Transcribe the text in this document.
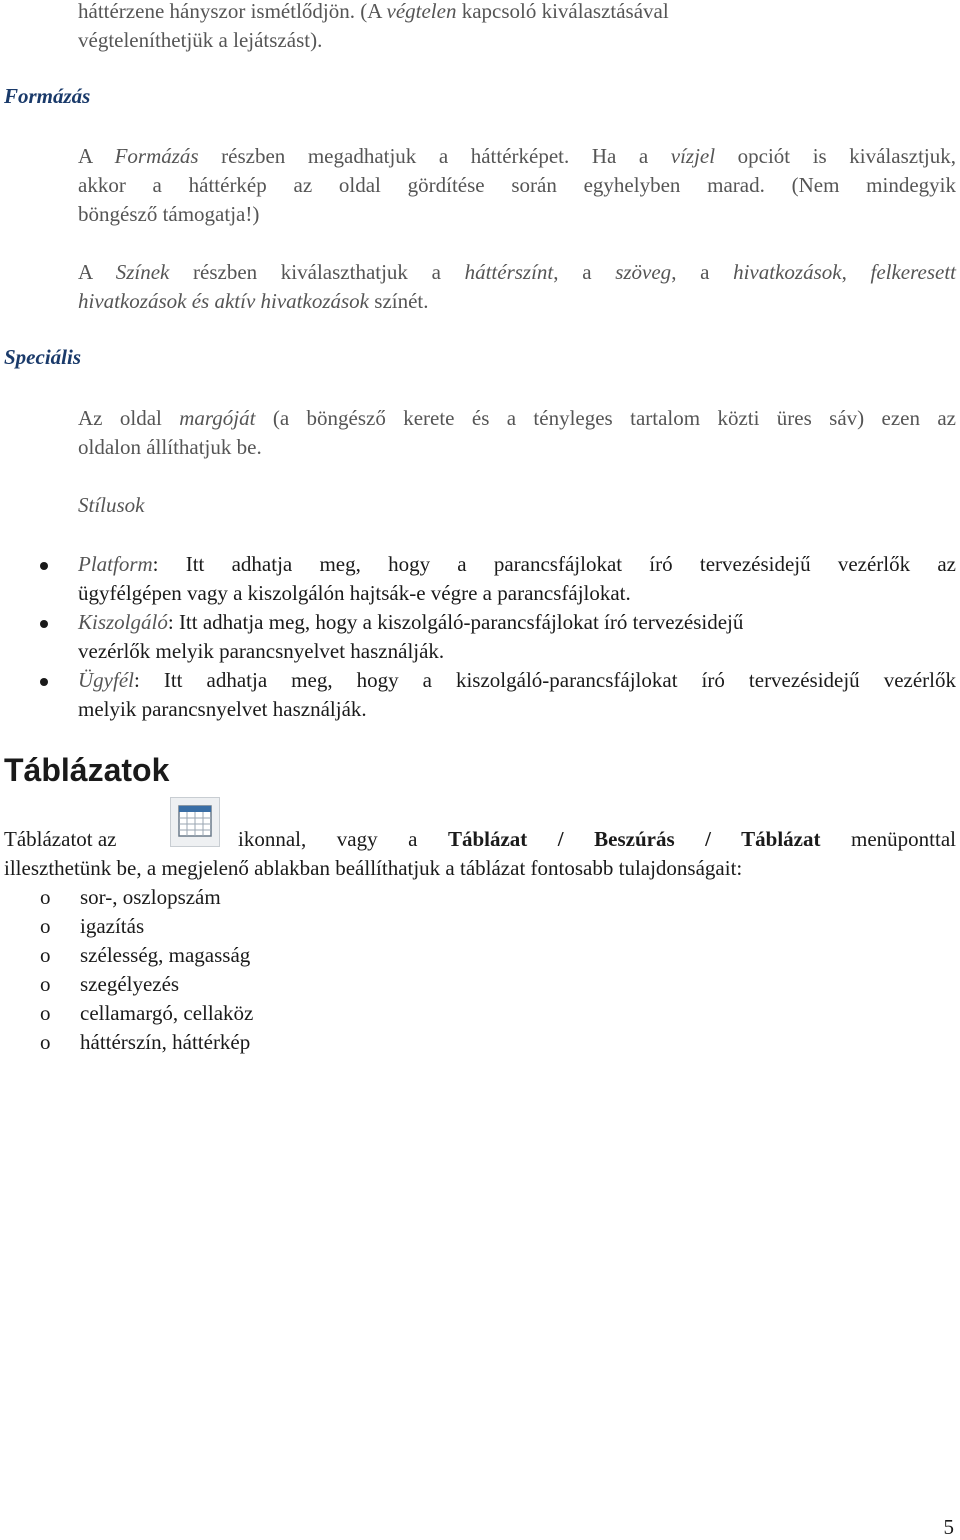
háttérzene hányszor ismétlődjön. (A végtelen kapcsoló kiválasztásával
végteleníthetjük a lejátszást).
Formázás
Speciális
A Formázás részben megadhatjuk a háttérképet. Ha a vízjel opciót is kiválasztjuk,
akkor a háttérkép az oldal gördítése során egyhelyben marad. (Nem mindegyik
böngésző támogatja!)
A Színek részben kiválaszthatjuk a háttérszínt, a szöveg, a hivatkozások, felkeresett
hivatkozások és aktív hivatkozások színét.
Az oldal margóját (a böngésző kerete és a tényleges tartalom közti üres sáv) ezen az
oldalon állíthatjuk be.
Stílusok
Platform: Itt adhatja meg, hogy a parancsfájlokat író tervezésidejű vezérlők az
ügyfélgépen vagy a kiszolgálón hajtsák-e végre a parancsfájlokat.
Kiszolgáló: Itt adhatja meg, hogy a kiszolgáló-parancsfájlokat író tervezésidejű
vezérlők melyik parancsnyelvet használják.
Ügyfél: Itt adhatja meg, hogy a kiszolgáló-parancsfájlokat író tervezésidejű vezérlők
melyik parancsnyelvet használják.
Táblázatok
Táblázatot az	ikonnal, vagy a Táblázat / Beszúrás / Táblázat menüponttal
illeszthetünk be, a megjelenő ablakban beállíthatjuk a táblázat fontosabb tulajdonságait:
o sor-, oszlopszám
o igazítás
o szélesség, magasság
o szegélyezés
o cellamargó, cellaköz
o háttérszín, háttérkép
5
